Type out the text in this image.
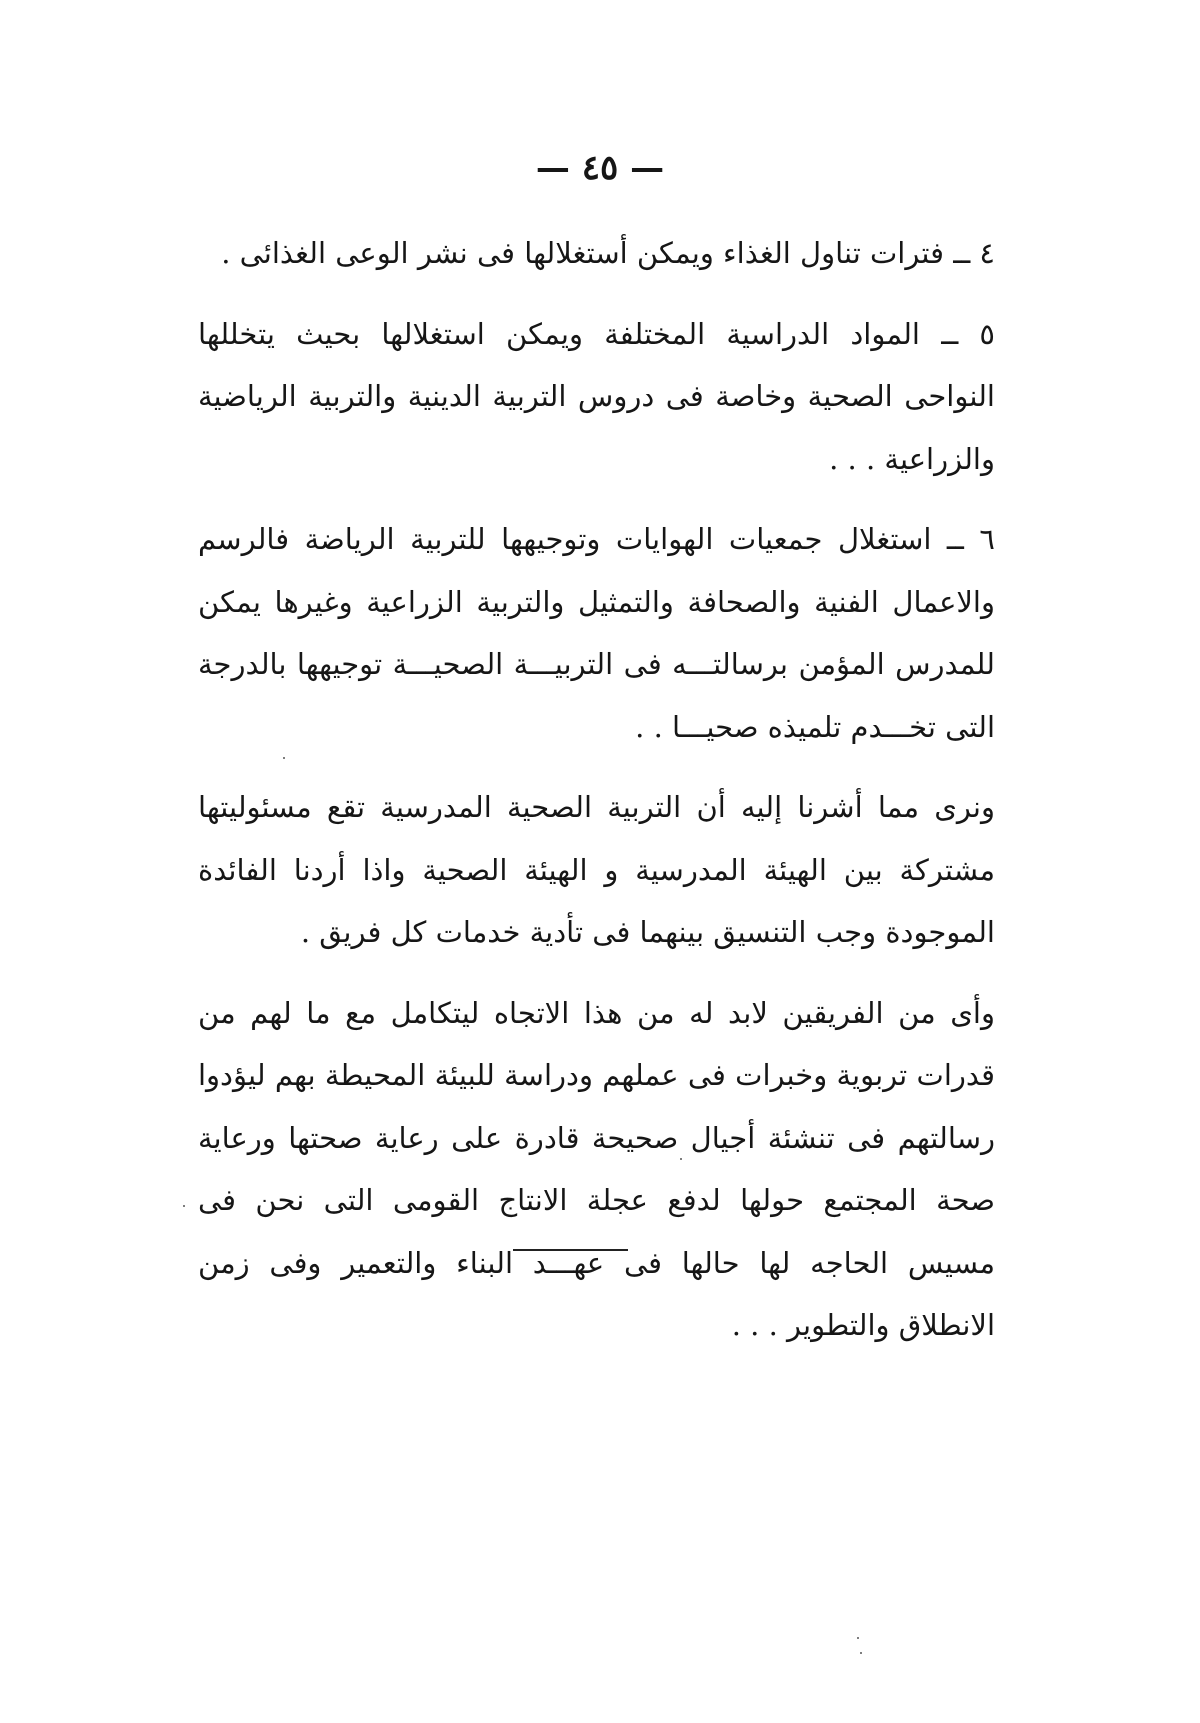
— ٤٥ —

٤ ــ فترات تناول الغذاء ويمكن أستغلالها فى نشر الوعى الغذائى .

٥ ــ المواد الدراسية المختلفة ويمكن استغلالها بحيث يتخللها النواحى الصحية وخاصة فى دروس التربية الدينية والتربية الرياضية والزراعية . . .

٦ ــ استغلال جمعيات الهوايات وتوجيهها للتربية الرياضة فالرسم والاعمال الفنية والصحافة والتمثيل والتربية الزراعية وغيرها يمكن للمدرس المؤمن برسالتـــه فى التربيـــة الصحيـــة توجيهها بالدرجة التى تخـــدم تلميذه صحيـــا . .

ونرى مما أشرنا إليه أن التربية الصحية المدرسية تقع مسئوليتها مشتركة بين الهيئة المدرسية و الهيئة الصحية واذا أردنا الفائدة الموجودة وجب التنسيق بينهما فى تأدية خدمات كل فريق .

وأى من الفريقين لابد له من هذا الاتجاه ليتكامل مع ما لهم من قدرات تربوية وخبرات فى عملهم ودراسة للبيئة المحيطة بهم ليؤدوا رسالتهم فى تنشئة أجيال صحيحة قادرة على رعاية صحتها ورعاية صحة المجتمع حولها لدفع عجلة الانتاج القومى التى نحن فى مسيس الحاجه لها حالها فى عهـــد البناء والتعمير وفى زمن الانطلاق والتطوير . . .
